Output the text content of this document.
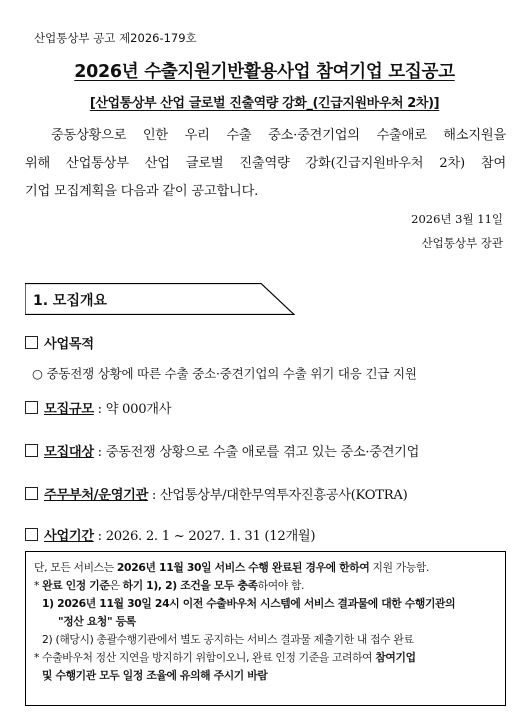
산업통상부 공고 제2026-179호
2026년 수출지원기반활용사업 참여기업 모집공고
[산업통상부 산업 글로벌 진출역량 강화_(긴급지원바우처 2차)]
중동상황으로 인한 우리 수출 중소·중견기업의 수출애로 해소지원을
위해 산업통상부 산업 글로벌 진출역량 강화(긴급지원바우처 2차) 참여
기업 모집계획을 다음과 같이 공고합니다.
2026년 3월 11일
산업통상부 장관
1. 모집개요
사업목적
○ 중동전쟁 상황에 따른 수출 중소·중견기업의 수출 위기 대응 긴급 지원
모집규모 : 약 000개사
모집대상 : 중동전쟁 상황으로 수출 애로를 겪고 있는 중소·중견기업
주무부처/운영기관 : 산업통상부/대한무역투자진흥공사(KOTRA)
사업기간 : 2026. 2. 1 ~ 2027. 1. 31 (12개월)
단, 모든 서비스는 2026년 11월 30일 서비스 수행 완료된 경우에 한하여 지원 가능함.
* 완료 인정 기준은 하기 1), 2) 조건을 모두 충족하여야 함.
1) 2026년 11월 30일 24시 이전 수출바우처 시스템에 서비스 결과물에 대한 수행기관의
"정산 요청" 등록
2) (해당시) 총괄수행기관에서 별도 공지하는 서비스 결과물 제출기한 내 접수 완료
* 수출바우처 정산 지연을 방지하기 위함이오니, 완료 인정 기준을 고려하여 참여기업
및 수행기관 모두 일정 조율에 유의해 주시기 바람
